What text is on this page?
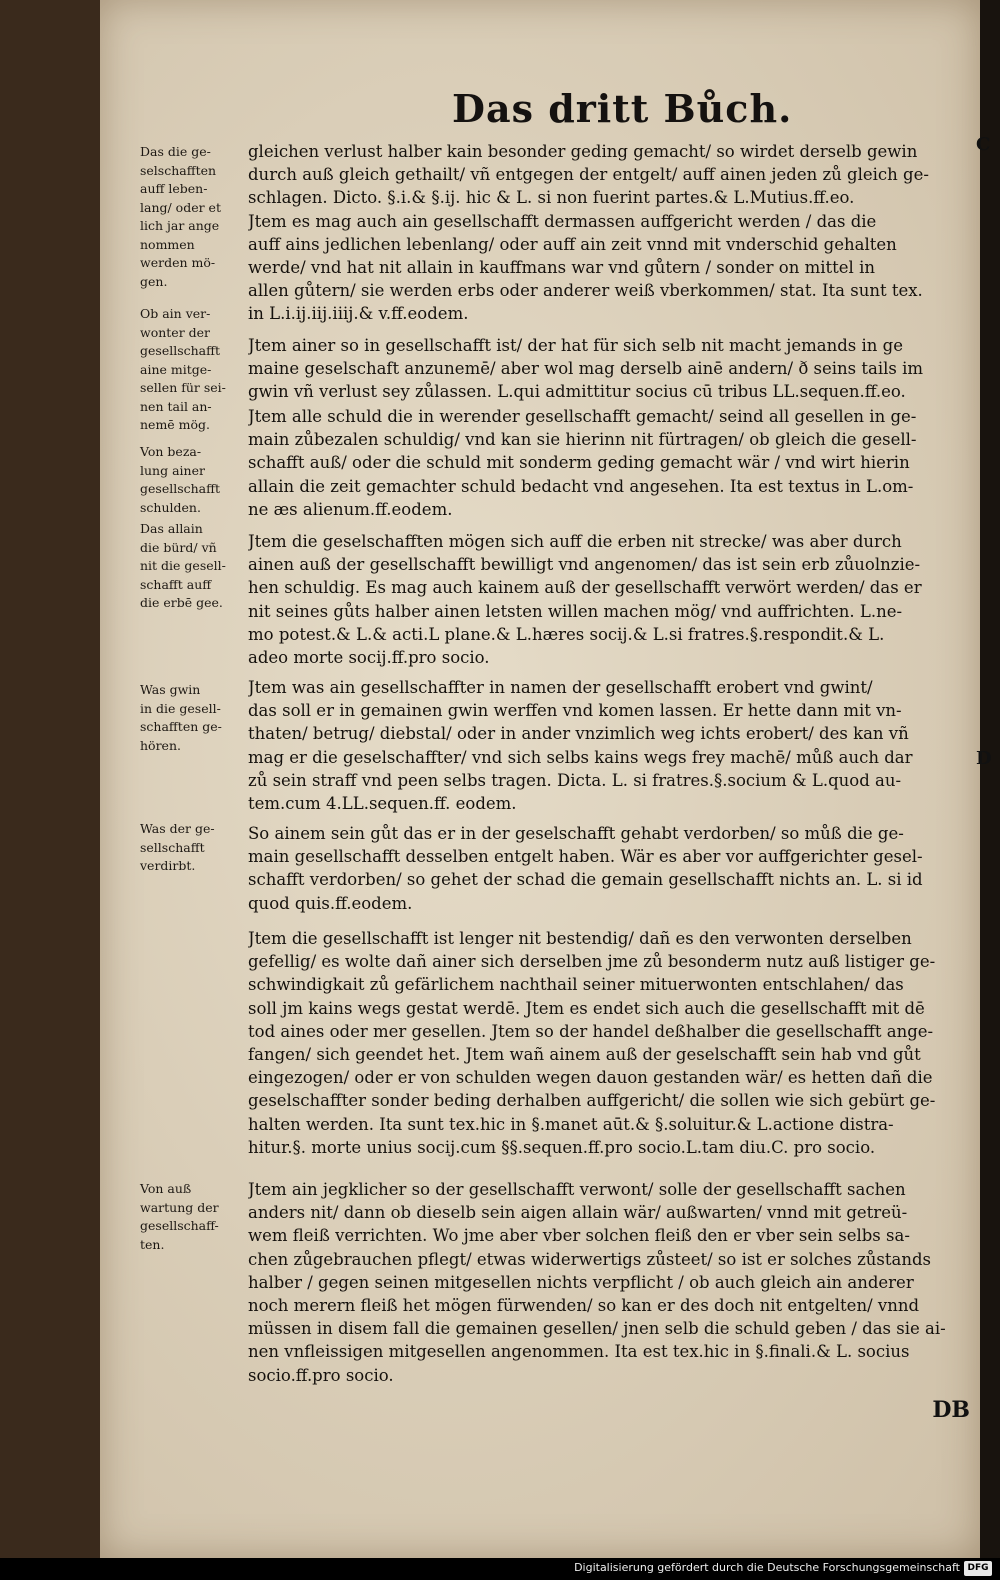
Das dritt Bůch.
C
D
Das die ge-
selschafften
auff leben-
lang/ oder et
lich jar ange
nommen
werden mö-
gen.
Ob ain ver-
wonter der
gesellschafft
aine mitge-
sellen für sei-
nen tail an-
nemē mög.
Von beza-
lung ainer
gesellschafft
schulden.
Das allain
die bürd/ vñ
nit die gesell-
schafft auff
die erbē gee.
Was gwin
in die gesell-
schafften ge-
hören.
Was der ge-
sellschafft
verdirbt.
Von auß
wartung der
gesellschaff-
ten.
gleichen verlust halber kain besonder geding gemacht/ so wirdet derselb gewin
durch auß gleich gethailt/ vñ entgegen der entgelt/ auff ainen jeden zů gleich ge-
schlagen. Dicto. §.i.& §.ij. hic & L. si non fuerint partes.& L.Mutius.ff.eo.
Jtem es mag auch ain gesellschafft dermassen auffgericht werden / das die
auff ains jedlichen lebenlang/ oder auff ain zeit vnnd mit vnderschid gehalten
werde/ vnd hat nit allain in kauffmans war vnd gůtern / sonder on mittel in
allen gůtern/ sie werden erbs oder anderer weiß vberkommen/ stat. Ita sunt tex.
in L.i.ij.iij.iiij.& v.ff.eodem.
Jtem ainer so in gesellschafft ist/ der hat für sich selb nit macht jemands in ge
maine geselschaft anzunemē/ aber wol mag derselb ainē andern/ ð seins tails im
gwin vñ verlust sey zůlassen. L.qui admittitur socius cū tribus LL.sequen.ff.eo.
Jtem alle schuld die in werender gesellschafft gemacht/ seind all gesellen in ge-
main zůbezalen schuldig/ vnd kan sie hierinn nit fürtragen/ ob gleich die gesell-
schafft auß/ oder die schuld mit sonderm geding gemacht wär / vnd wirt hierin
allain die zeit gemachter schuld bedacht vnd angesehen. Ita est textus in L.om-
ne æs alienum.ff.eodem.
Jtem die geselschafften mögen sich auff die erben nit strecke/ was aber durch
ainen auß der gesellschafft bewilligt vnd angenomen/ das ist sein erb zůuolnzie-
hen schuldig. Es mag auch kainem auß der gesellschafft verwört werden/ das er
nit seines gůts halber ainen letsten willen machen mög/ vnd auffrichten. L.ne-
mo potest.& L.& acti.L plane.& L.hæres socij.& L.si fratres.§.respondit.& L.
adeo morte socij.ff.pro socio.
Jtem was ain gesellschaffter in namen der gesellschafft erobert vnd gwint/
das soll er in gemainen gwin werffen vnd komen lassen. Er hette dann mit vn-
thaten/ betrug/ diebstal/ oder in ander vnzimlich weg ichts erobert/ des kan vñ
mag er die geselschaffter/ vnd sich selbs kains wegs frey machē/ můß auch dar
zů sein straff vnd peen selbs tragen. Dicta. L. si fratres.§.socium & L.quod au-
tem.cum 4.LL.sequen.ff. eodem.
So ainem sein gůt das er in der geselschafft gehabt verdorben/ so můß die ge-
main gesellschafft desselben entgelt haben. Wär es aber vor auffgerichter gesel-
schafft verdorben/ so gehet der schad die gemain gesellschafft nichts an. L. si id
quod quis.ff.eodem.
Jtem die gesellschafft ist lenger nit bestendig/ dañ es den verwonten derselben
gefellig/ es wolte dañ ainer sich derselben jme zů besonderm nutz auß listiger ge-
schwindigkait zů gefärlichem nachthail seiner mituerwonten entschlahen/ das
soll jm kains wegs gestat werdē. Jtem es endet sich auch die gesellschafft mit dē
tod aines oder mer gesellen. Jtem so der handel deßhalber die gesellschafft ange-
fangen/ sich geendet het. Jtem wañ ainem auß der geselschafft sein hab vnd gůt
eingezogen/ oder er von schulden wegen dauon gestanden wär/ es hetten dañ die
geselschaffter sonder beding derhalben auffgericht/ die sollen wie sich gebürt ge-
halten werden. Ita sunt tex.hic in §.manet aūt.& §.soluitur.& L.actione distra-
hitur.§. morte unius socij.cum §§.sequen.ff.pro socio.L.tam diu.C. pro socio.
Jtem ain jegklicher so der gesellschafft verwont/ solle der gesellschafft sachen
anders nit/ dann ob dieselb sein aigen allain wär/ außwarten/ vnnd mit getreü-
wem fleiß verrichten. Wo jme aber vber solchen fleiß den er vber sein selbs sa-
chen zůgebrauchen pflegt/ etwas widerwertigs zůsteet/ so ist er solches zůstands
halber / gegen seinen mitgesellen nichts verpflicht / ob auch gleich ain anderer
noch merern fleiß het mögen fürwenden/ so kan er des doch nit entgelten/ vnnd
müssen in disem fall die gemainen gesellen/ jnen selb die schuld geben / das sie ai-
nen vnfleissigen mitgesellen angenommen. Ita est tex.hic in §.finali.& L. socius
socio.ff.pro socio.
DB
Digitalisierung gefördert durch die Deutsche Forschungsgemeinschaft DFG
